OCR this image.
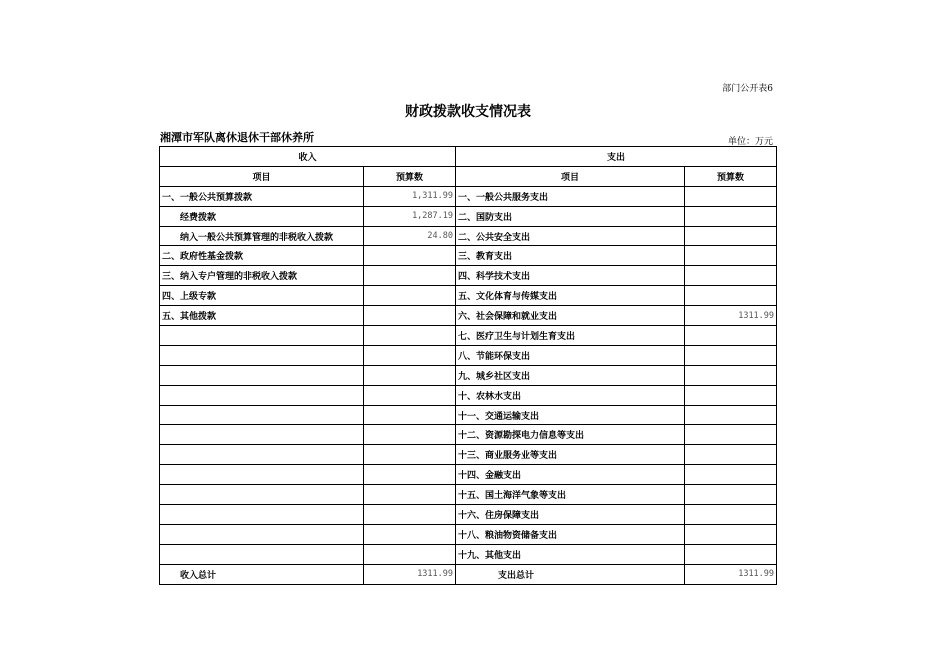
部门公开表6
财政拨款收支情况表
湘潭市军队离休退休干部休养所	单位：万元
收入		支出	
项目	预算数	项目	预算数
一、一般公共预算拨款	1,311.99	一、一般公共服务支出	
经费拨款	1,287.19	二、国防支出	
纳入一般公共预算管理的非税收入拨款	24.80	二、公共安全支出	
二、政府性基金拨款		三、教育支出	
三、纳入专户管理的非税收入拨款		四、科学技术支出	
四、上级专款		五、文化体育与传媒支出	
五、其他拨款		六、社会保障和就业支出	1311.99
		七、医疗卫生与计划生育支出	
		八、节能环保支出	
		九、城乡社区支出	
		十、农林水支出	
		十一、交通运输支出	
		十二、资源勘探电力信息等支出	
		十三、商业服务业等支出	
		十四、金融支出	
		十五、国土海洋气象等支出	
		十六、住房保障支出	
		十八、粮油物资储备支出	
		十九、其他支出	
收入总计	1311.99	支出总计	1311.99
